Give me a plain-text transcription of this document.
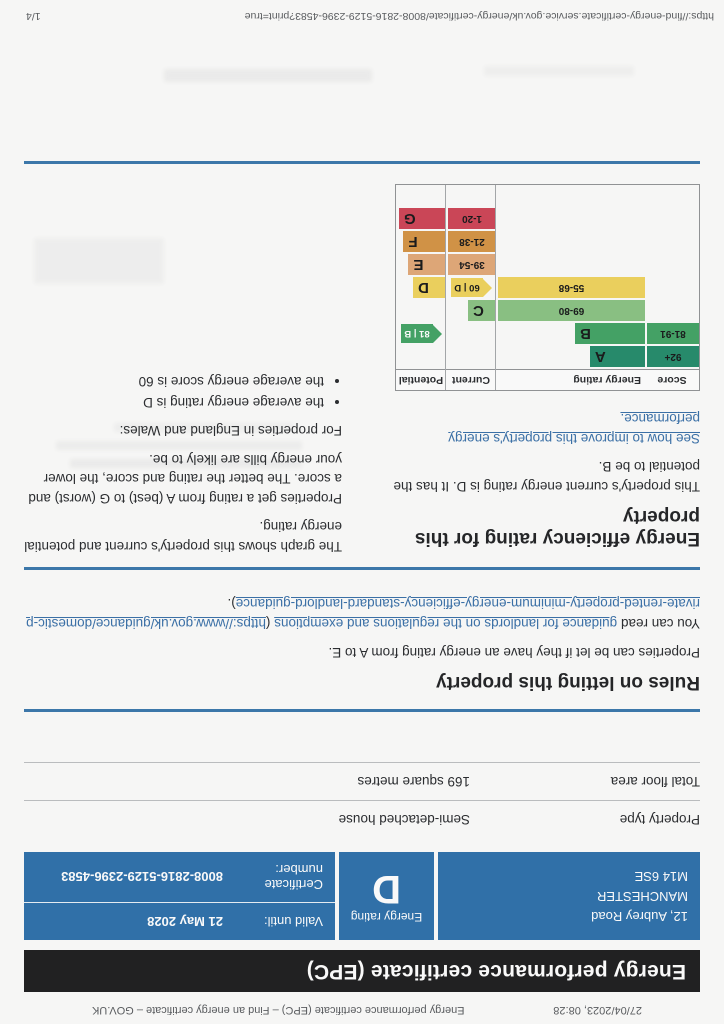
27/04/2023, 08:28
Energy performance certificate (EPC) – Find an energy certificate – GOV.UK
Energy performance certificate (EPC)
12, Aubrey Road
MANCHESTER
M14 6SE
Energy rating
D
Valid until:
21 May 2028
Certificate number:
8008-2816-5129-2396-4583
Property type
Semi-detached house
Total floor area
169 square metres
Rules on letting this property

Properties can be let if they have an energy rating from A to E.

You can read guidance for landlords on the regulations and exemptions (https://www.gov.uk/guidance/domestic-private-rented-property-minimum-energy-efficiency-standard-landlord-guidance).

Energy efficiency rating for this property

This property's current energy rating is D. It has the potential to be B.

See how to improve this property's energy performance.

Score
Energy rating
Current
Potential
92+
A
81-91
B
69-80
C
55-68
D
39-54
E
21-38
F
1-20
G
60 | D
81 | B

The graph shows this property's current and potential energy rating.

Properties get a rating from A (best) to G (worst) and a score. The better the rating and score, the lower your energy bills are likely to be.

For properties in England and Wales:

• the average energy rating is D
• the average energy score is 60
https://find-energy-certificate.service.gov.uk/energy-certificate/8008-2816-5129-2396-4583?print=true
1/4
